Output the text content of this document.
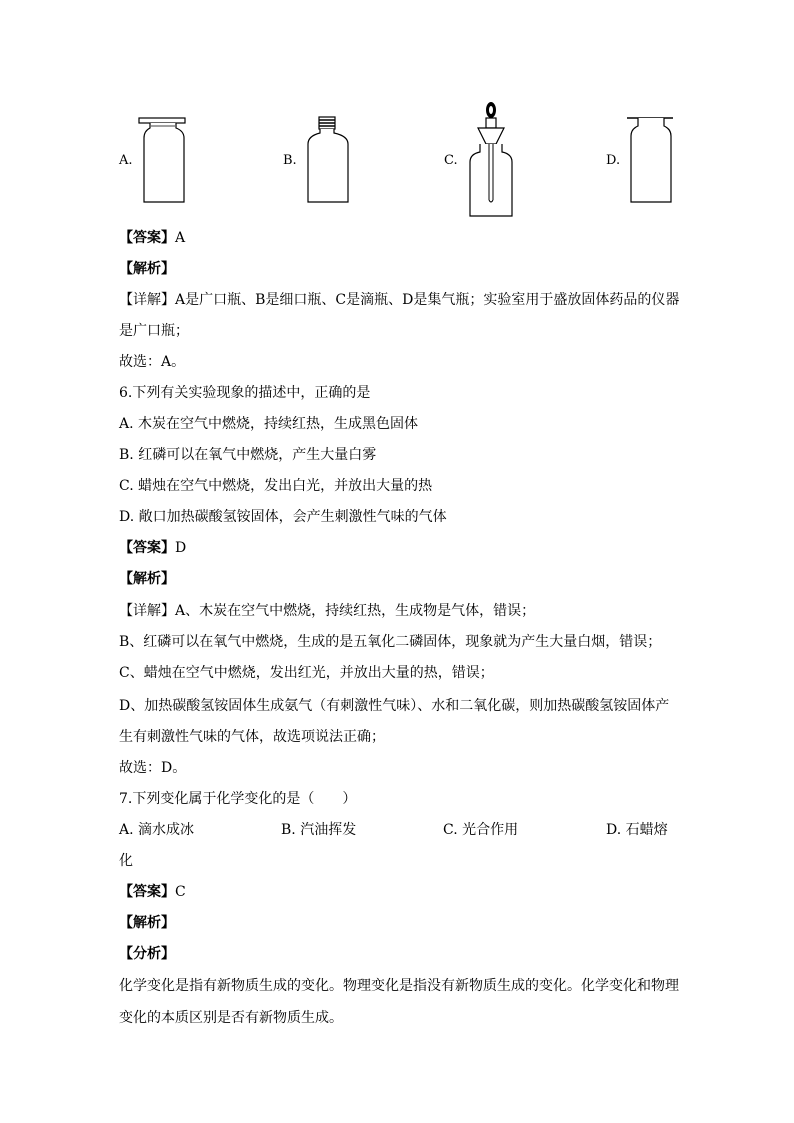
A.	B.	C.	D.
【答案】A
【解析】
【详解】A是广口瓶、B是细口瓶、C是滴瓶、D是集气瓶；实验室用于盛放固体药品的仪器
是广口瓶；
故选：A。
6.下列有关实验现象的描述中，正确的是
A. 木炭在空气中燃烧，持续红热，生成黑色固体
B. 红磷可以在氧气中燃烧，产生大量白雾
C. 蜡烛在空气中燃烧，发出白光，并放出大量的热
D. 敞口加热碳酸氢铵固体，会产生刺激性气味的气体
【答案】D
【解析】
【详解】A、木炭在空气中燃烧，持续红热，生成物是气体，错误；
B、红磷可以在氧气中燃烧，生成的是五氧化二磷固体，现象就为产生大量白烟，错误；
C、蜡烛在空气中燃烧，发出红光，并放出大量的热，错误；
D、加热碳酸氢铵固体生成氨气（有刺激性气味）、水和二氧化碳，则加热碳酸氢铵固体产
生有刺激性气味的气体，故选项说法正确；
故选：D。
7.下列变化属于化学变化的是（　　）
A. 滴水成冰	B. 汽油挥发	C. 光合作用	D. 石蜡熔
化
【答案】C
【解析】
【分析】
化学变化是指有新物质生成的变化。物理变化是指没有新物质生成的变化。化学变化和物理
变化的本质区别是否有新物质生成。
